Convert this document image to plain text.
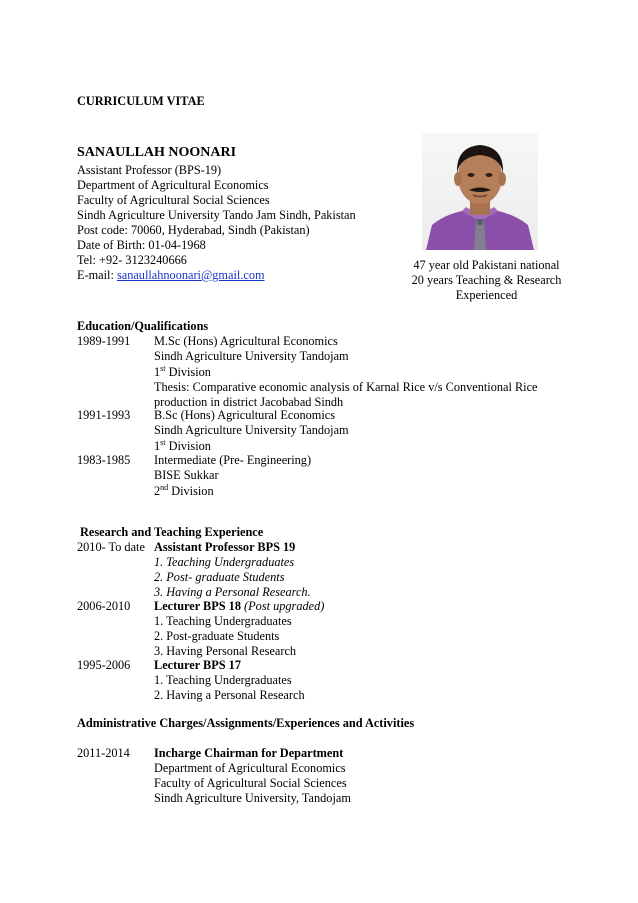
CURRICULUM VITAE
SANAULLAH NOONARI
Assistant Professor (BPS-19)
Department of Agricultural Economics
Faculty of Agricultural Social Sciences
Sindh Agriculture University Tando Jam Sindh, Pakistan
Post code: 70060, Hyderabad, Sindh (Pakistan)
Date of Birth: 01-04-1968
Tel: +92- 3123240666
E-mail: sanaullahnoonari@gmail.com
47 year old Pakistani national
20 years Teaching & Research
Experienced
Education/Qualifications
1989-1991 M.Sc (Hons) Agricultural Economics
Sindh Agriculture University Tandojam
1st Division
Thesis: Comparative economic analysis of Karnal Rice v/s Conventional Rice
production in district Jacobabad Sindh
1991-1993 B.Sc (Hons) Agricultural Economics
Sindh Agriculture University Tandojam
1st Division
1983-1985 Intermediate (Pre- Engineering)
BISE Sukkar
2nd Division
Research and Teaching Experience
2010- To date Assistant Professor BPS 19
1. Teaching Undergraduates
2. Post- graduate Students
3. Having a Personal Research.
2006-2010 Lecturer BPS 18 (Post upgraded)
1. Teaching Undergraduates
2. Post-graduate Students
3. Having Personal Research
1995-2006 Lecturer BPS 17
1. Teaching Undergraduates
2. Having a Personal Research
Administrative Charges/Assignments/Experiences and Activities
2011-2014 Incharge Chairman for Department
Department of Agricultural Economics
Faculty of Agricultural Social Sciences
Sindh Agriculture University, Tandojam
